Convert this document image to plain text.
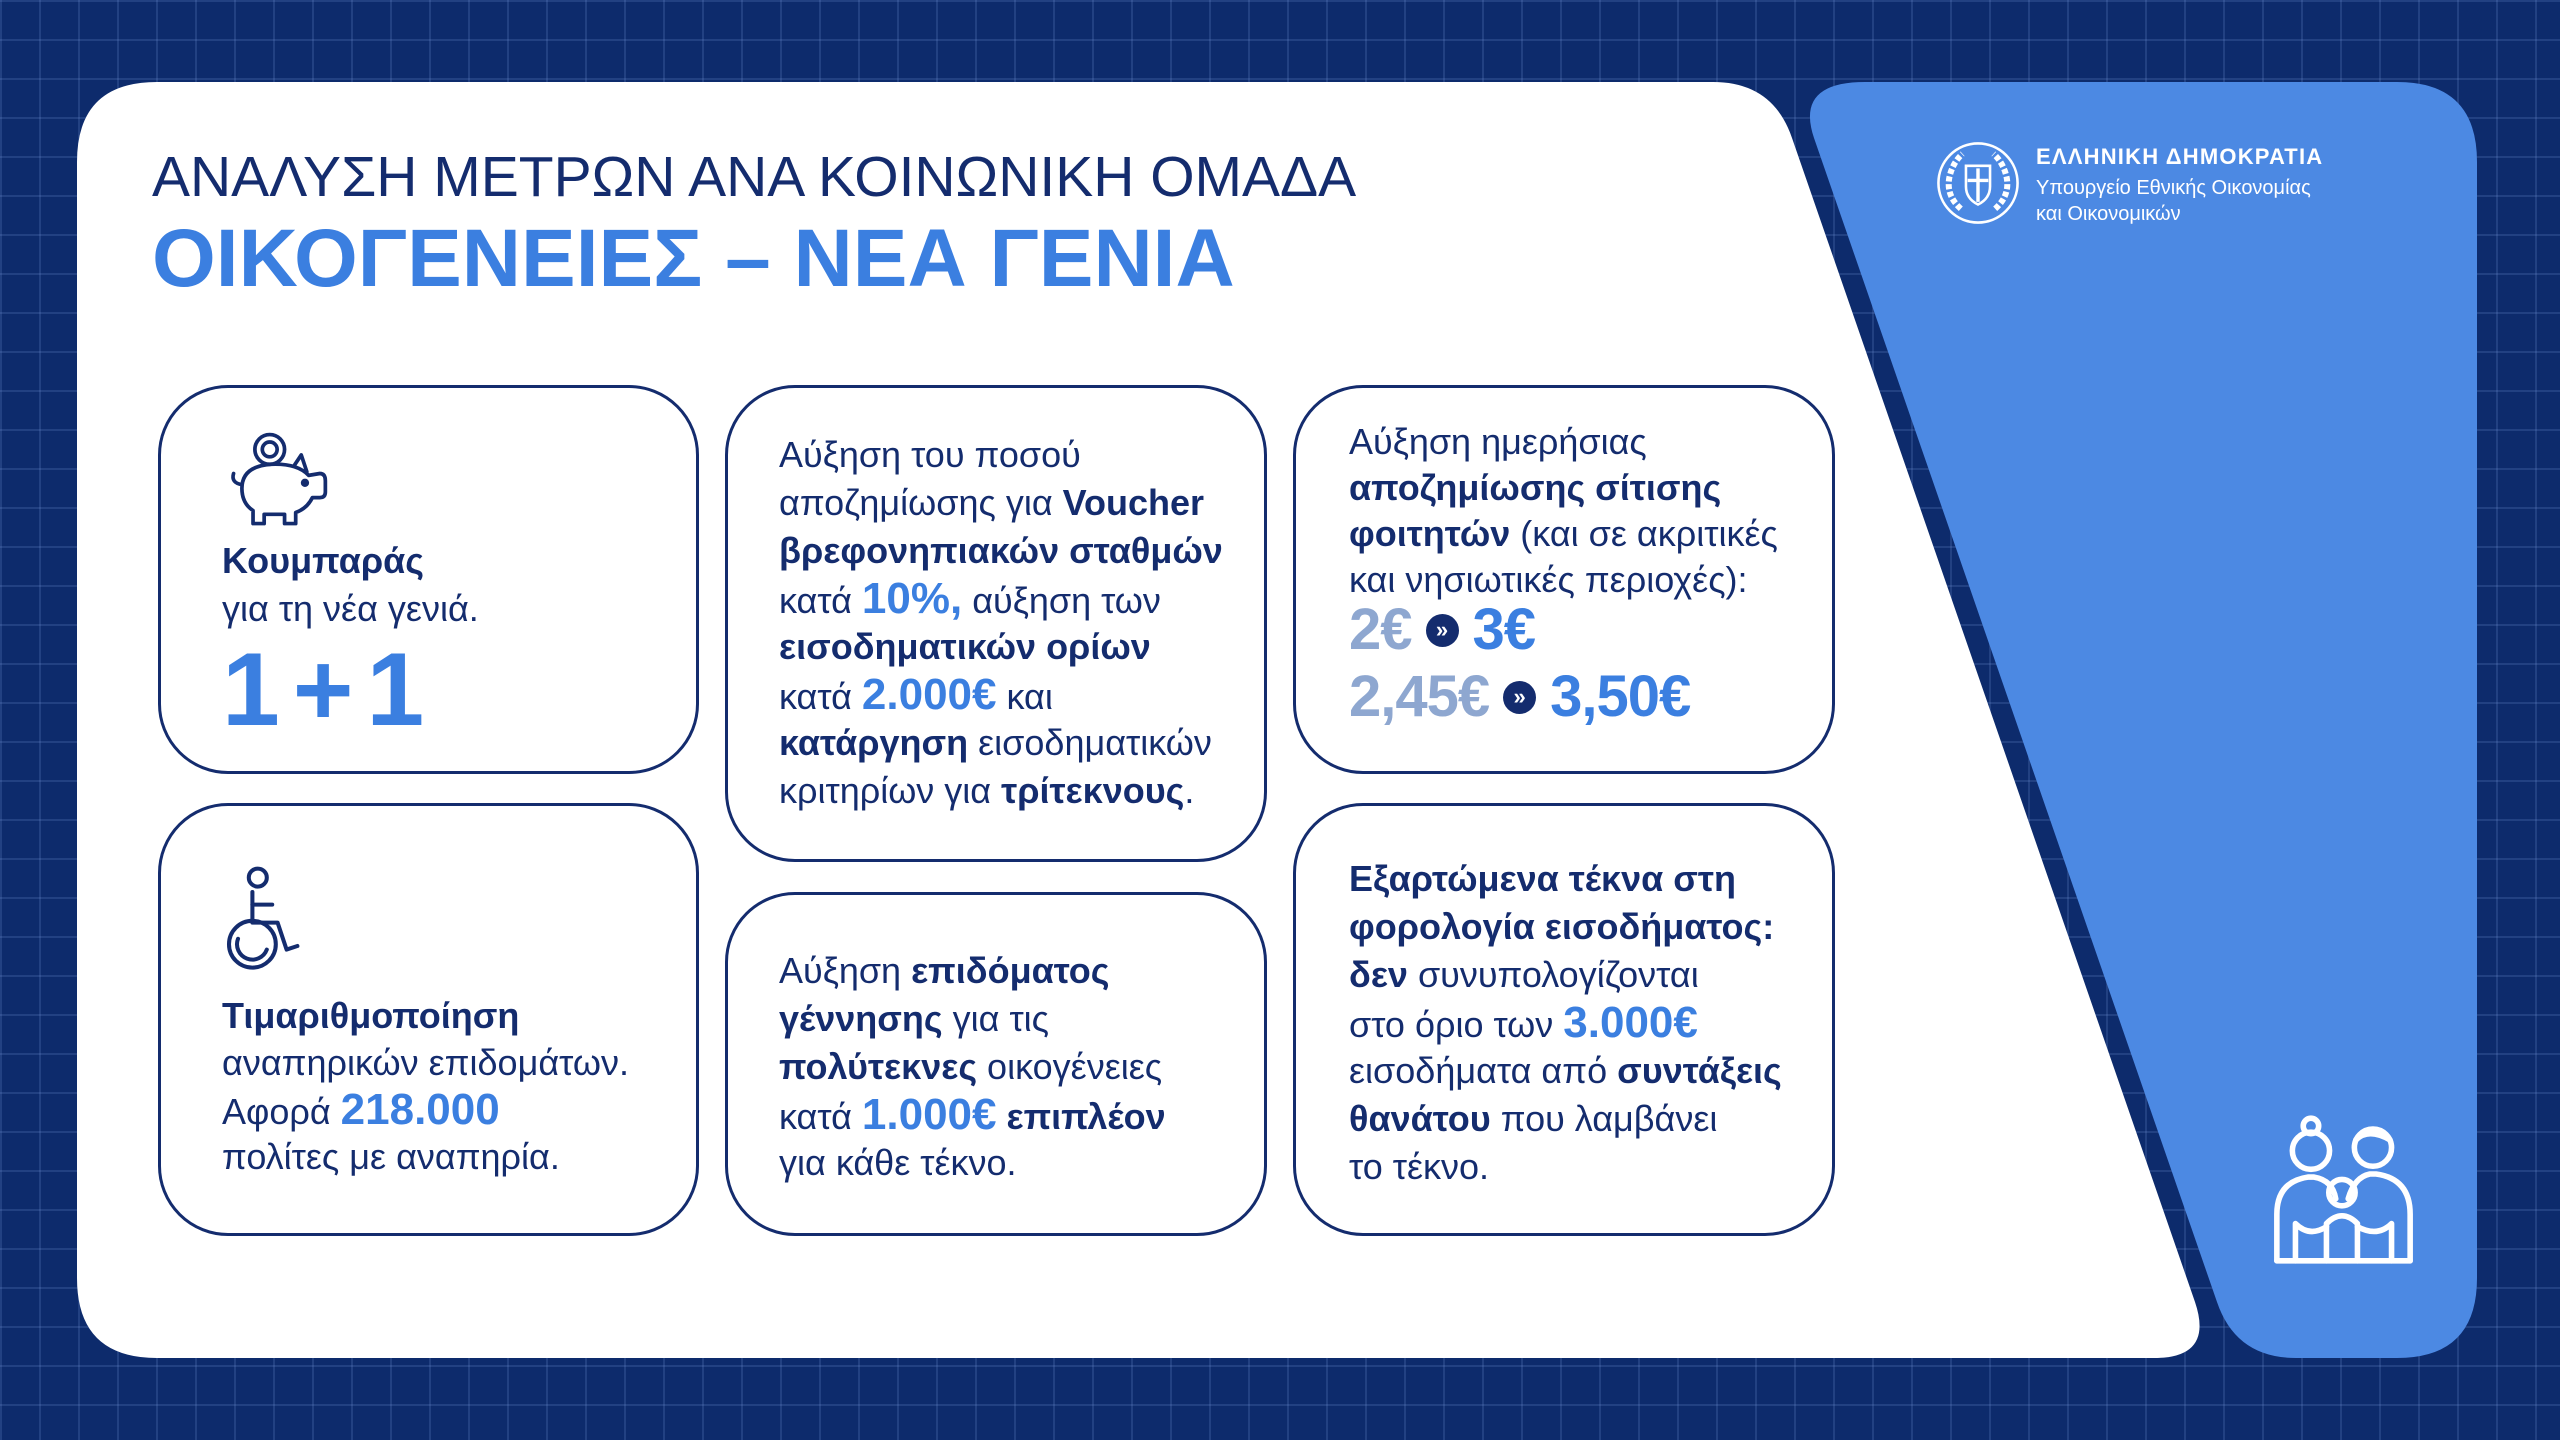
ΑΝΑΛΥΣΗ ΜΕΤΡΩΝ ΑΝΑ ΚΟΙΝΩΝΙΚΗ ΟΜΑΔΑ
ΟΙΚΟΓΕΝΕΙΕΣ – ΝΕΑ ΓΕΝΙΑ
ΕΛΛΗΝΙΚΗ ΔΗΜΟΚΡΑΤΙΑ
Υπουργείο Εθνικής Οικονομίας
και Οικονομικών
Κουμπαράς
για τη νέα γενιά.
1 + 1
Αύξηση του ποσού
αποζημίωσης για Voucher
βρεφονηπιακών σταθμών
κατά 10%, αύξηση των
εισοδηματικών ορίων
κατά 2.000€ και
κατάργηση εισοδηματικών
κριτηρίων για τρίτεκνους.
Αύξηση ημερήσιας
αποζημίωσης σίτισης
φοιτητών (και σε ακριτικές
και νησιωτικές περιοχές):
2€	» 3€
2,45€	» 3,50€
Τιμαριθμοποίηση
αναπηρικών επιδομάτων.
Αφορά 218.000
πολίτες με αναπηρία.
Αύξηση επιδόματος
γέννησης για τις
πολύτεκνες οικογένειες
κατά 1.000€ επιπλέον
για κάθε τέκνο.
Εξαρτώμενα τέκνα στη
φορολογία εισοδήματος:
δεν συνυπολογίζονται
στο όριο των 3.000€
εισοδήματα από συντάξεις
θανάτου που λαμβάνει
το τέκνο.
